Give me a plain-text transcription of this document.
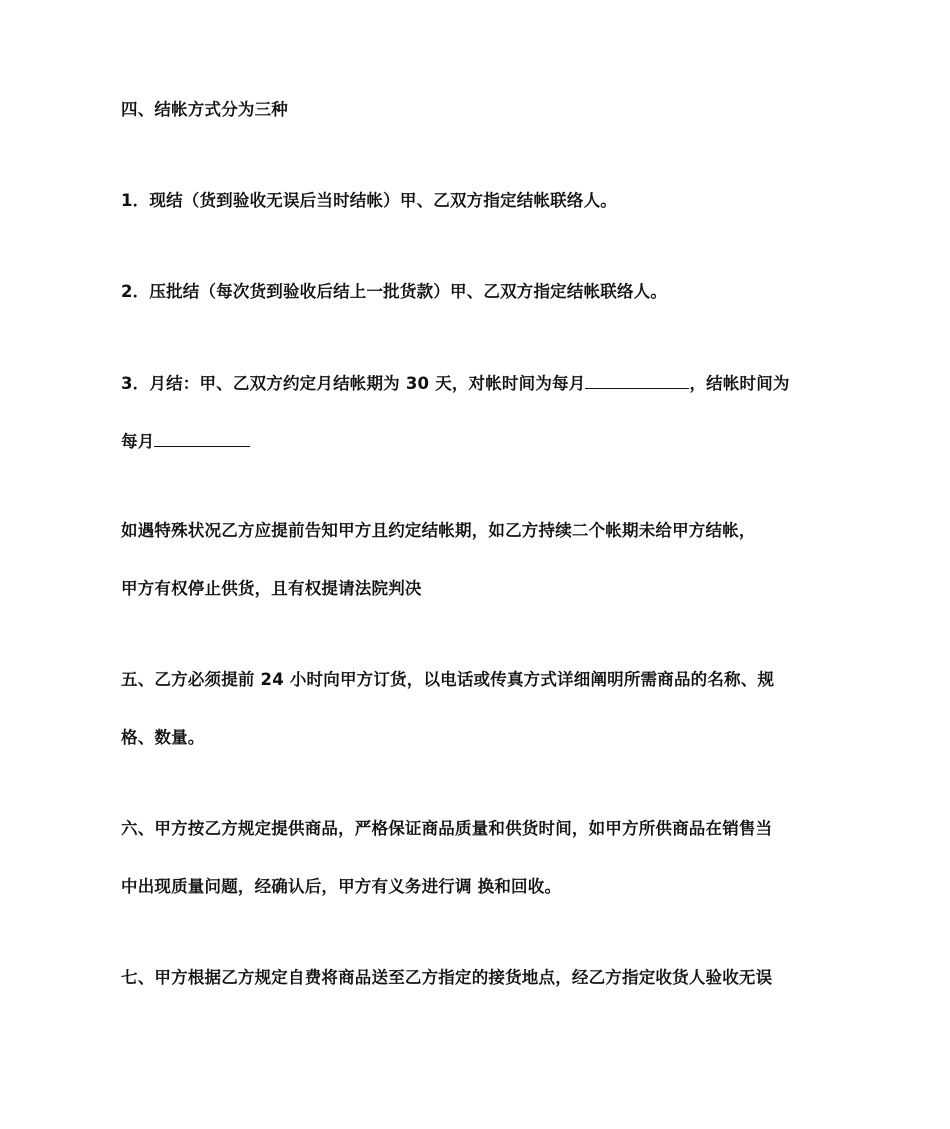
四、结帐方式分为三种
1．现结（货到验收无误后当时结帐）甲、乙双方指定结帐联络人。
2．压批结（每次货到验收后结上一批货款）甲、乙双方指定结帐联络人。
3．月结：甲、乙双方约定月结帐期为 30 天，对帐时间为每月	，结帐时间为
每月
如遇特殊状况乙方应提前告知甲方且约定结帐期，如乙方持续二个帐期未给甲方结帐，
甲方有权停止供货，且有权提请法院判决
五、乙方必须提前 24 小时向甲方订货，以电话或传真方式详细阐明所需商品的名称、规
格、数量。
六、甲方按乙方规定提供商品，严格保证商品质量和供货时间，如甲方所供商品在销售当
中出现质量问题，经确认后，甲方有义务进行调 换和回收。
七、甲方根据乙方规定自费将商品送至乙方指定的接货地点，经乙方指定收货人验收无误
